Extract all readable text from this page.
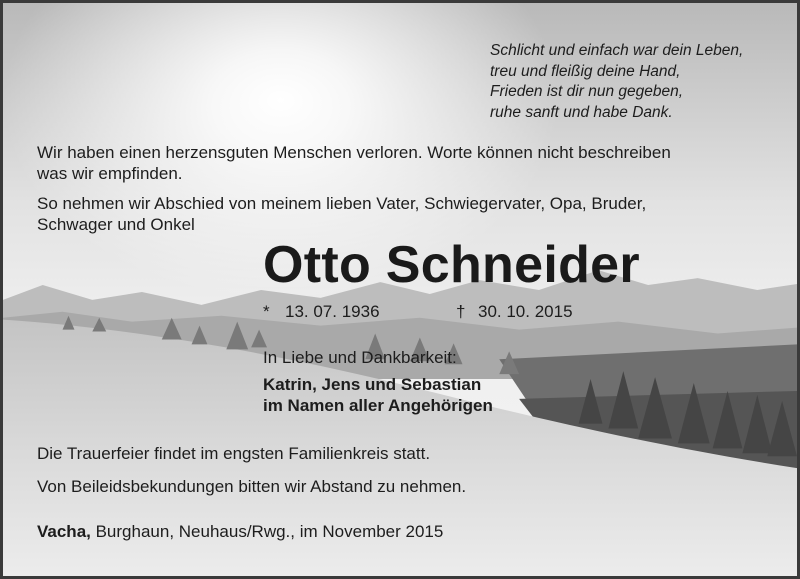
Schlicht und einfach war dein Leben,
treu und fleißig deine Hand,
Frieden ist dir nun gegeben,
ruhe sanft und habe Dank.
Wir haben einen herzensguten Menschen verloren. Worte können nicht beschreiben
was wir empfinden.
So nehmen wir Abschied von meinem lieben Vater, Schwiegervater, Opa, Bruder,
Schwager und Onkel
Otto Schneider
* 13. 07. 1936	† 30. 10. 2015
In Liebe und Dankbarkeit:
Katrin, Jens und Sebastian
im Namen aller Angehörigen
Die Trauerfeier findet im engsten Familienkreis statt.
Von Beileidsbekundungen bitten wir Abstand zu nehmen.
Vacha, Burghaun, Neuhaus/Rwg., im November 2015
